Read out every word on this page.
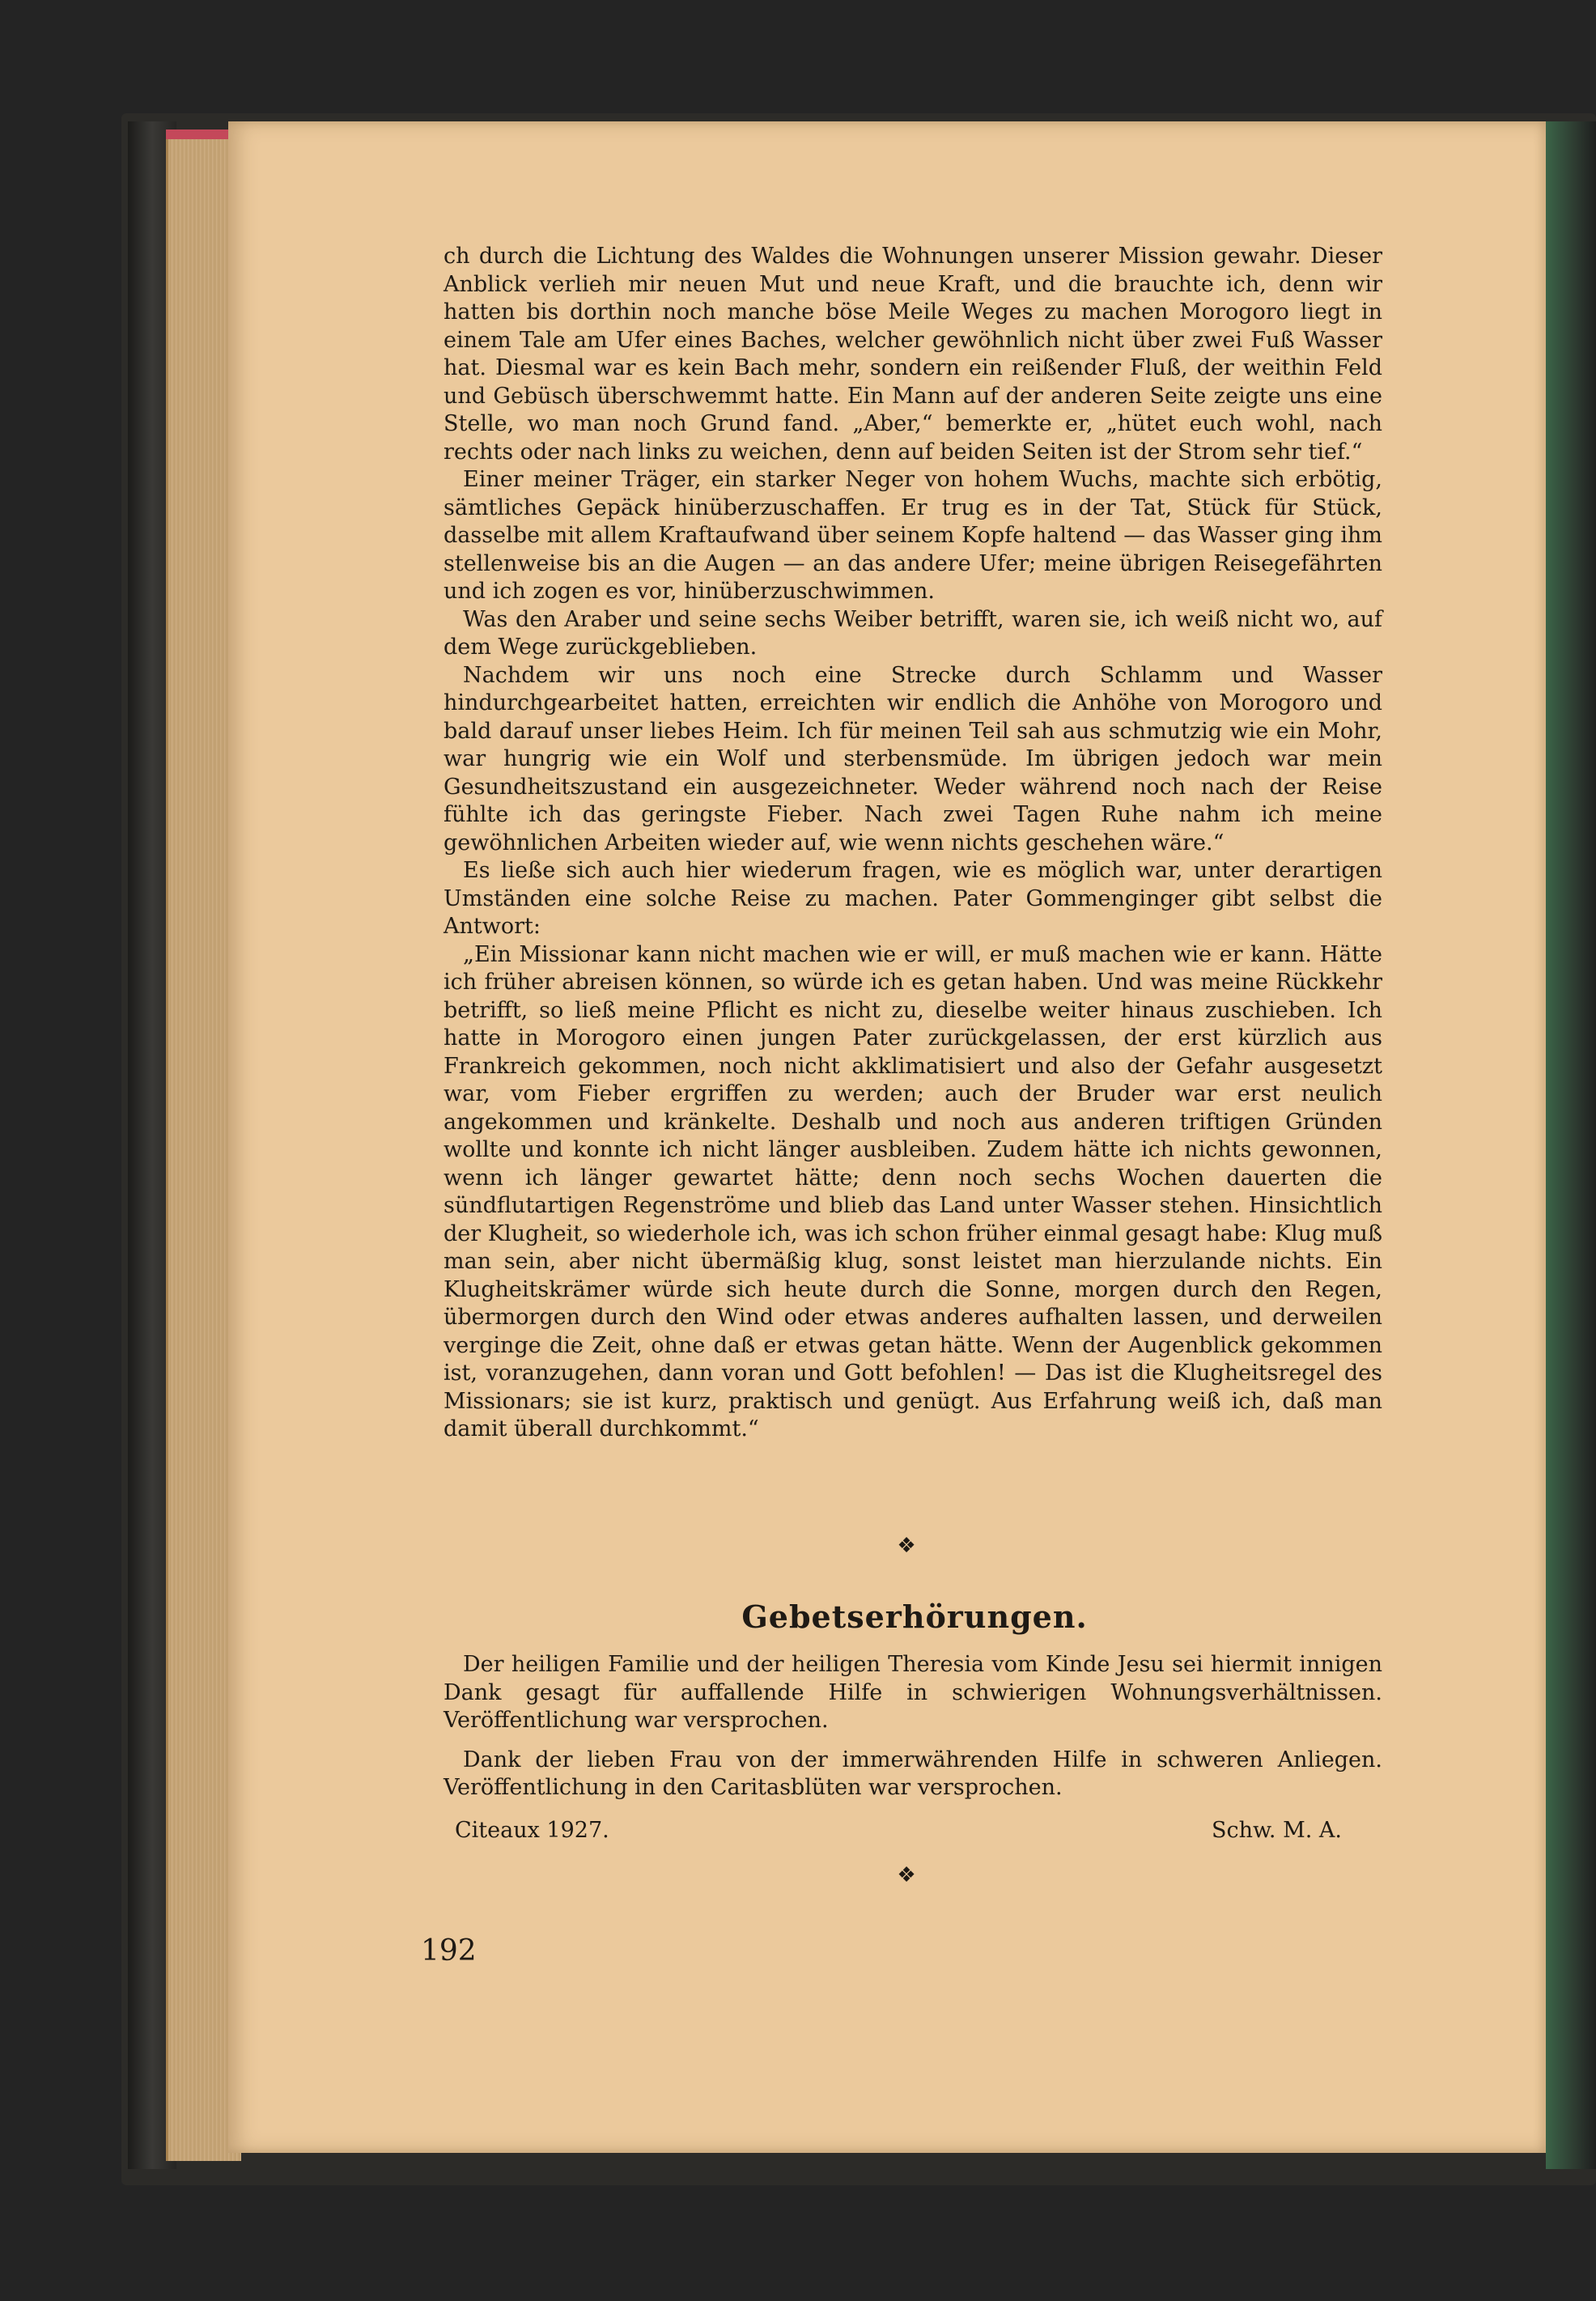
ch durch die Lichtung des Waldes die Wohnungen unserer Mission gewahr. Dieser Anblick verlieh mir neuen Mut und neue Kraft, und die brauchte ich, denn wir hatten bis dorthin noch manche böse Meile Weges zu machen Morogoro liegt in einem Tale am Ufer eines Baches, welcher gewöhnlich nicht über zwei Fuß Wasser hat. Diesmal war es kein Bach mehr, sondern ein reißender Fluß, der weithin Feld und Gebüsch überschwemmt hatte. Ein Mann auf der anderen Seite zeigte uns eine Stelle, wo man noch Grund fand. „Aber,“ bemerkte er, „hütet euch wohl, nach rechts oder nach links zu weichen, denn auf beiden Seiten ist der Strom sehr tief.“

Einer meiner Träger, ein starker Neger von hohem Wuchs, machte sich erbötig, sämtliches Gepäck hinüberzuschaffen. Er trug es in der Tat, Stück für Stück, dasselbe mit allem Kraftaufwand über seinem Kopfe haltend — das Wasser ging ihm stellenweise bis an die Augen — an das andere Ufer; meine übrigen Reisegefährten und ich zogen es vor, hinüberzuschwimmen.

Was den Araber und seine sechs Weiber betrifft, waren sie, ich weiß nicht wo, auf dem Wege zurückgeblieben.

Nachdem wir uns noch eine Strecke durch Schlamm und Wasser hindurchgearbeitet hatten, erreichten wir endlich die Anhöhe von Morogoro und bald darauf unser liebes Heim. Ich für meinen Teil sah aus schmutzig wie ein Mohr, war hungrig wie ein Wolf und sterbensmüde. Im übrigen jedoch war mein Gesundheitszustand ein ausgezeichneter. Weder während noch nach der Reise fühlte ich das geringste Fieber. Nach zwei Tagen Ruhe nahm ich meine gewöhnlichen Arbeiten wieder auf, wie wenn nichts geschehen wäre.“

Es ließe sich auch hier wiederum fragen, wie es möglich war, unter derartigen Umständen eine solche Reise zu machen. Pater Gommenginger gibt selbst die Antwort:

„Ein Missionar kann nicht machen wie er will, er muß machen wie er kann. Hätte ich früher abreisen können, so würde ich es getan haben. Und was meine Rückkehr betrifft, so ließ meine Pflicht es nicht zu, dieselbe weiter hinaus zuschieben. Ich hatte in Morogoro einen jungen Pater zurückgelassen, der erst kürzlich aus Frankreich gekommen, noch nicht akklimatisiert und also der Gefahr ausgesetzt war, vom Fieber ergriffen zu werden; auch der Bruder war erst neulich angekommen und kränkelte. Deshalb und noch aus anderen triftigen Gründen wollte und konnte ich nicht länger ausbleiben. Zudem hätte ich nichts gewonnen, wenn ich länger gewartet hätte; denn noch sechs Wochen dauerten die sündflutartigen Regenströme und blieb das Land unter Wasser stehen. Hinsichtlich der Klugheit, so wiederhole ich, was ich schon früher einmal gesagt habe: Klug muß man sein, aber nicht übermäßig klug, sonst leistet man hierzulande nichts. Ein Klugheitskrämer würde sich heute durch die Sonne, morgen durch den Regen, übermorgen durch den Wind oder etwas anderes aufhalten lassen, und derweilen verginge die Zeit, ohne daß er etwas getan hätte. Wenn der Augenblick gekommen ist, voranzugehen, dann voran und Gott befohlen! — Das ist die Klugheitsregel des Missionars; sie ist kurz, praktisch und genügt. Aus Erfahrung weiß ich, daß man damit überall durchkommt.“

❖
Gebetserhörungen.

Der heiligen Familie und der heiligen Theresia vom Kinde Jesu sei hiermit innigen Dank gesagt für auffallende Hilfe in schwierigen Wohnungsverhältnissen. Veröffentlichung war versprochen.

Dank der lieben Frau von der immerwährenden Hilfe in schweren Anliegen. Veröffentlichung in den Caritasblüten war versprochen.

Citeaux 1927.	Schw. M. A.
❖
192
